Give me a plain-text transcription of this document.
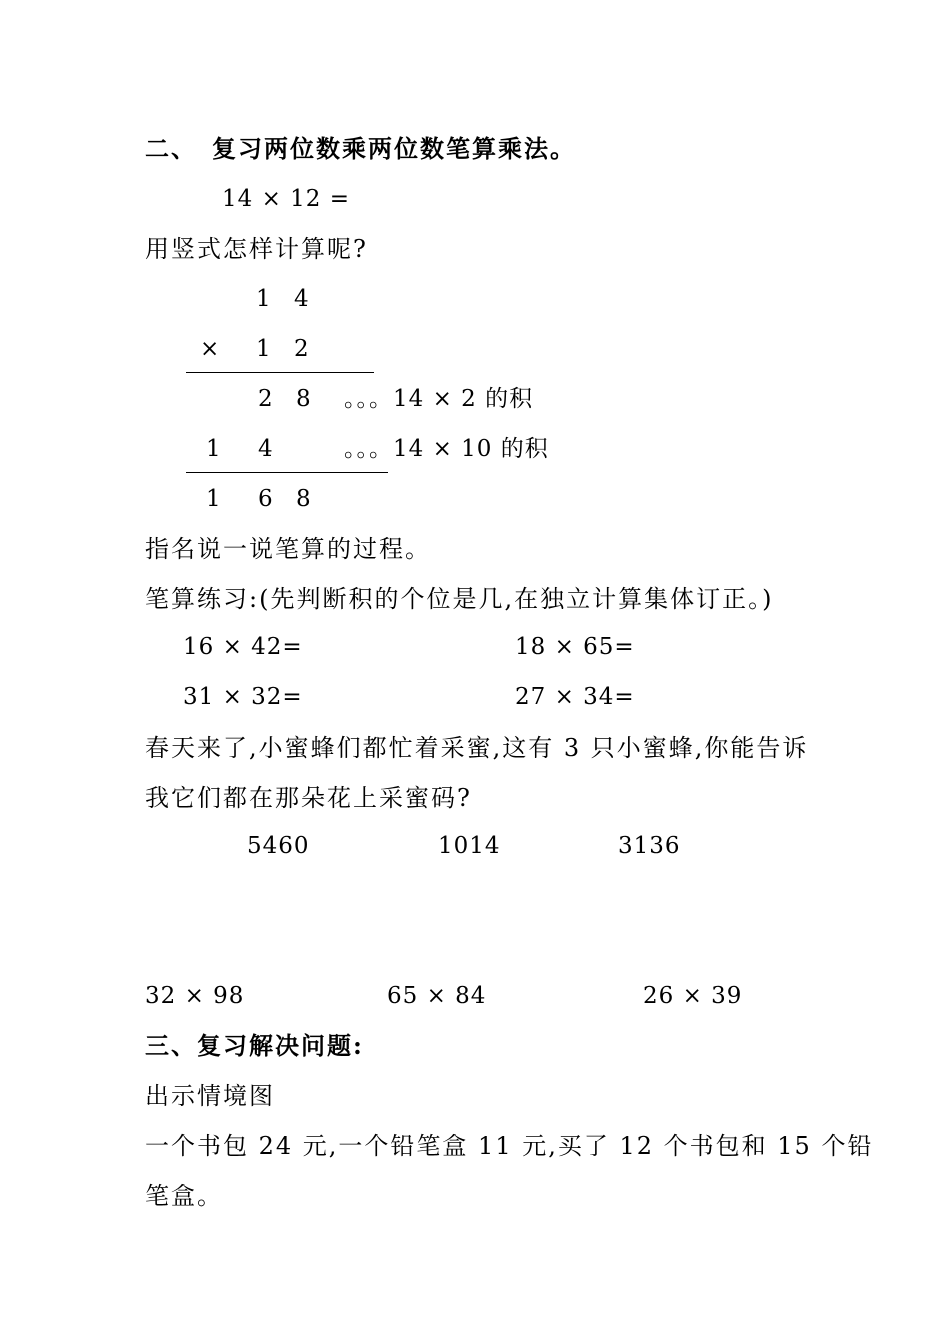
二、 复习两位数乘两位数笔算乘法。
14 × 12 =
用竖式怎样计算呢?
1 4
× 1 2
2 8 。。。14 × 2 的积
1 4	。。。14 × 10 的积
1 6 8
指名说一说笔算的过程。
笔算练习:(先判断积的个位是几,在独立计算集体订正。)
16 × 42=	18 × 65=
31 × 32=	27 × 34=
春天来了,小蜜蜂们都忙着采蜜,这有 3 只小蜜蜂,你能告诉
我它们都在那朵花上采蜜码?
5460	1014	3136
32 × 98	65 × 84	26 × 39
三、复习解决问题:
出示情境图
一个书包 24 元,一个铅笔盒 11 元,买了 12 个书包和 15 个铅
笔盒。
